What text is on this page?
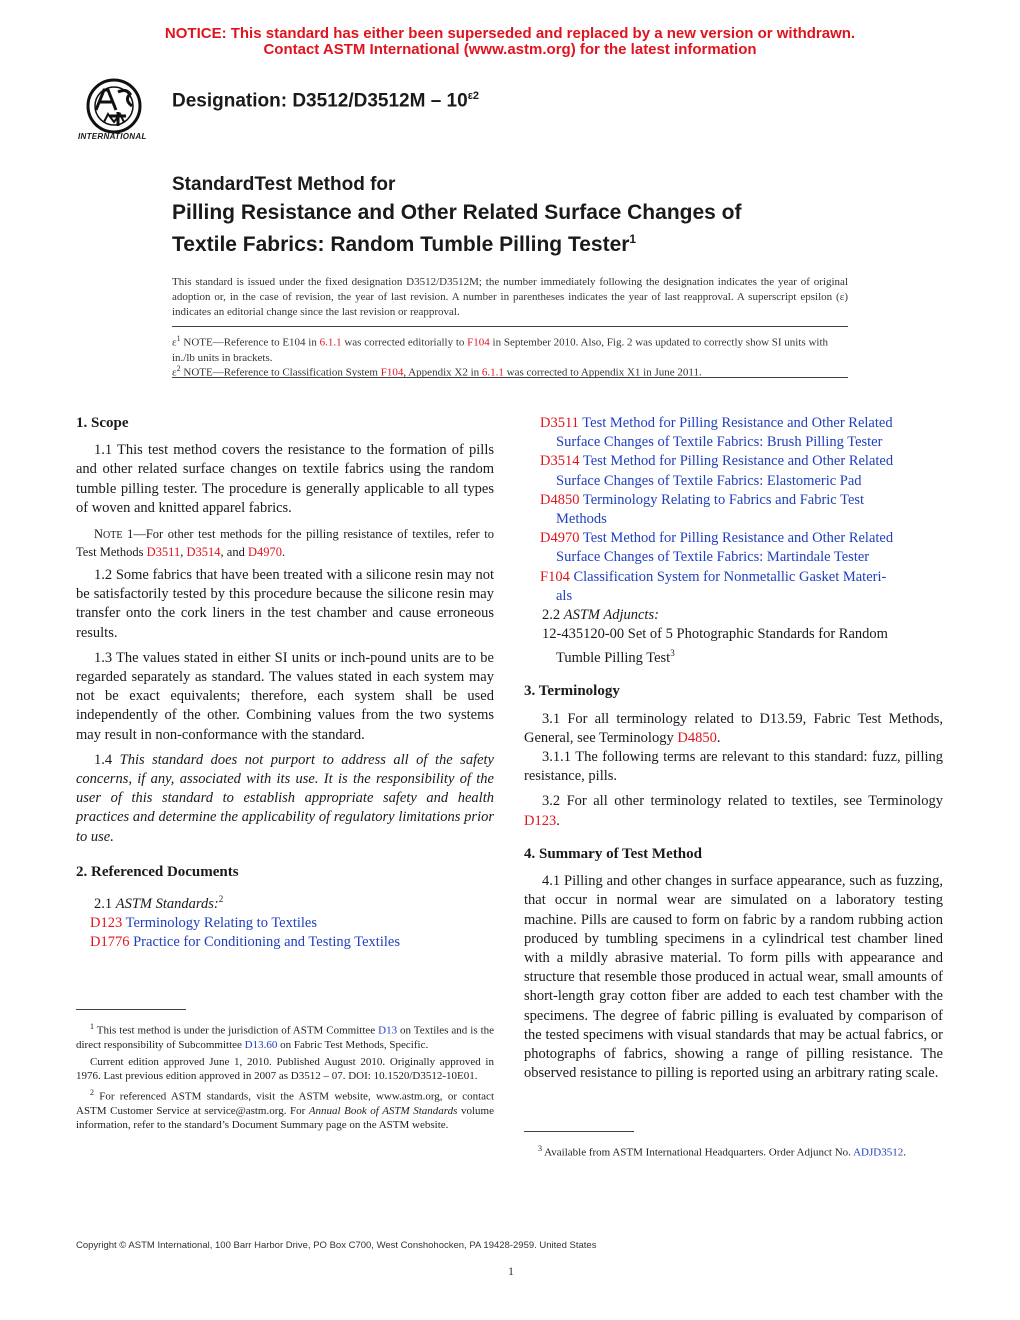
NOTICE: This standard has either been superseded and replaced by a new version or withdrawn.
Contact ASTM International (www.astm.org) for the latest information
INTERNATIONAL
Designation: $D3512/D3512M - 10^{\varepsilon 2}$
StandardTest Method for
Pilling Resistance and Other Related Surface Changes of
Textile Fabrics: Random Tumble Pilling Tester$^1$
This standard is issued under the fixed designation D3512/D3512M; the number immediately following the designation indicates the year of original adoption or, in the case of revision, the year of last revision. A number in parentheses indicates the year of last reapproval. A superscript epsilon (ε) indicates an editorial change since the last revision or reapproval.
$\varepsilon^1$ NOTE—Reference to E104 in 6.1.1 was corrected editorially to F104 in September 2010. Also, Fig. 2 was updated to correctly show SI units with in./lb units in brackets.
$\varepsilon^2$ NOTE—Reference to Classification System F104, Appendix X2 in 6.1.1 was corrected to Appendix X1 in June 2011.
1. Scope

1.1 This test method covers the resistance to the formation of pills and other related surface changes on textile fabrics using the random tumble pilling tester. The procedure is generally applicable to all types of woven and knitted apparel fabrics.

NOTE 1—For other test methods for the pilling resistance of textiles, refer to Test Methods D3511, D3514, and D4970.

1.2 Some fabrics that have been treated with a silicone resin may not be satisfactorily tested by this procedure because the silicone resin may transfer onto the cork liners in the test chamber and cause erroneous results.

1.3 The values stated in either SI units or inch-pound units are to be regarded separately as standard. The values stated in each system may not be exact equivalents; therefore, each system shall be used independently of the other. Combining values from the two systems may result in non-conformance with the standard.

1.4 This standard does not purport to address all of the safety concerns, if any, associated with its use. It is the responsibility of the user of this standard to establish appropriate safety and health practices and determine the applicability of regulatory limitations prior to use.

2. Referenced Documents

2.1 ASTM Standards:$^2$

D123 Terminology Relating to Textiles
D1776 Practice for Conditioning and Testing Textiles
$^1$ This test method is under the jurisdiction of ASTM Committee D13 on Textiles and is the direct responsibility of Subcommittee D13.60 on Fabric Test Methods, Specific.
Current edition approved June 1, 2010. Published August 2010. Originally approved in 1976. Last previous edition approved in 2007 as D3512 – 07. DOI: 10.1520/D3512-10E01.
$^2$ For referenced ASTM standards, visit the ASTM website, www.astm.org, or contact ASTM Customer Service at service@astm.org. For Annual Book of ASTM Standards volume information, refer to the standard’s Document Summary page on the ASTM website.
D3511 Test Method for Pilling Resistance and Other Related
Surface Changes of Textile Fabrics: Brush Pilling Tester
D3514 Test Method for Pilling Resistance and Other Related
Surface Changes of Textile Fabrics: Elastomeric Pad
D4850 Terminology Relating to Fabrics and Fabric Test
Methods
D4970 Test Method for Pilling Resistance and Other Related
Surface Changes of Textile Fabrics: Martindale Tester
F104 Classification System for Nonmetallic Gasket Materi-
als

2.2 ASTM Adjuncts:

12-435120-00 Set of 5 Photographic Standards for Random
Tumble Pilling Test$^3$
3. Terminology

3.1 For all terminology related to D13.59, Fabric Test Methods, General, see Terminology D4850.

3.1.1 The following terms are relevant to this standard: fuzz, pilling resistance, pills.

3.2 For all other terminology related to textiles, see Terminology D123.

4. Summary of Test Method

4.1 Pilling and other changes in surface appearance, such as fuzzing, that occur in normal wear are simulated on a laboratory testing machine. Pills are caused to form on fabric by a random rubbing action produced by tumbling specimens in a cylindrical test chamber lined with a mildly abrasive material. To form pills with appearance and structure that resemble those produced in actual wear, small amounts of short-length gray cotton fiber are added to each test chamber with the specimens. The degree of fabric pilling is evaluated by comparison of the tested specimens with visual standards that may be actual fabrics, or photographs of fabrics, showing a range of pilling resistance. The observed resistance to pilling is reported using an arbitrary rating scale.

$^3$ Available from ASTM International Headquarters. Order Adjunct No. ADJD3512.
Copyright © ASTM International, 100 Barr Harbor Drive, PO Box C700, West Conshohocken, PA 19428-2959. United States
1
